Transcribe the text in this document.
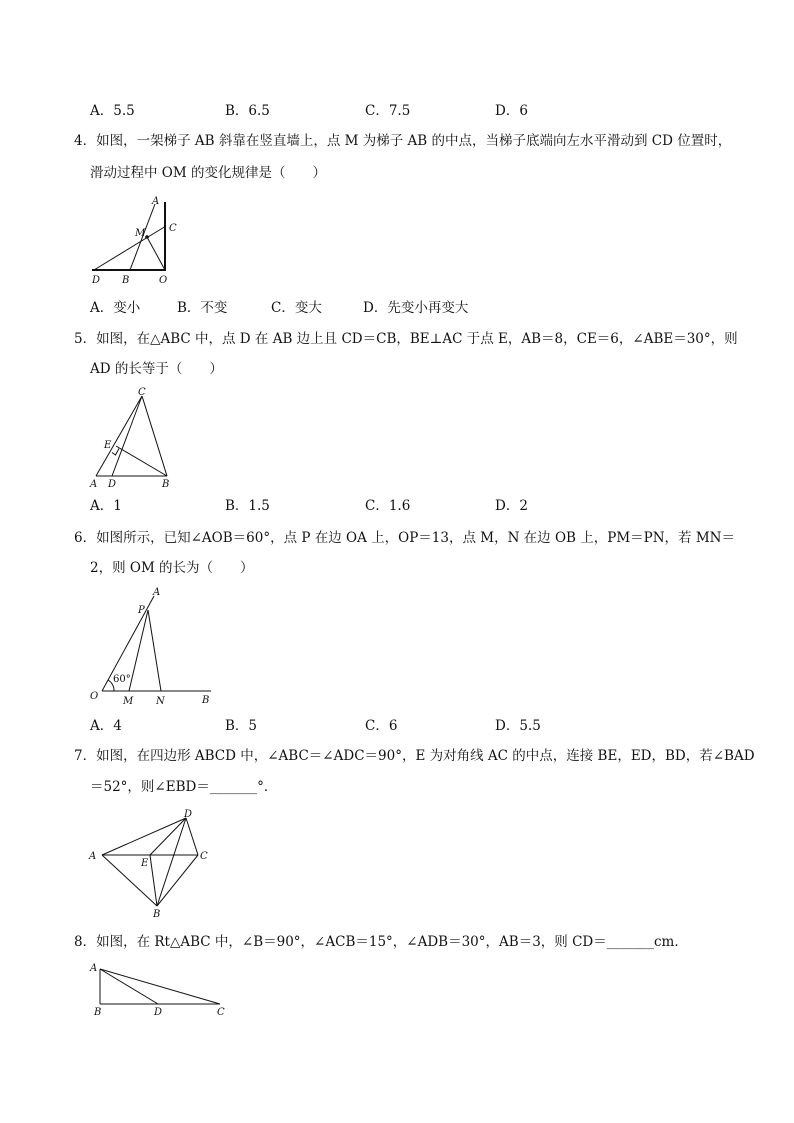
A．5.5	B．6.5	C．7.5	D．6
4．如图，一架梯子 AB 斜靠在竖直墙上，点 M 为梯子 AB 的中点，当梯子底端向左水平滑动到 CD 位置时，
滑动过程中 OM 的变化规律是（　　）
A
C
M
D B	O
A．变小	B．不变	C．变大	D．先变小再变大
5．如图，在△ABC 中，点 D 在 AB 边上且 CD＝CB，BE⊥AC 于点 E，AB＝8，CE＝6，∠ABE＝30°，则
AD 的长等于（　　）
C
E
A D	B
A．1	B．1.5	C．1.6	D．2
6．如图所示，已知∠AOB＝60°，点 P 在边 OA 上，OP＝13，点 M，N 在边 OB 上，PM＝PN，若 MN＝
2，则 OM 的长为（　　）
A
P
60°
O M N	B
A．4	B．5	C．6	D．5.5
7．如图，在四边形 ABCD 中，∠ABC＝∠ADC＝90°，E 为对角线 AC 的中点，连接 BE，ED，BD，若∠BAD
＝52°，则∠EBD＝_______°．
D
A
E
C
B
8．如图，在 Rt△ABC 中，∠B＝90°，∠ACB＝15°，∠ADB＝30°，AB＝3，则 CD＝_______cm．
A
B	D	C
